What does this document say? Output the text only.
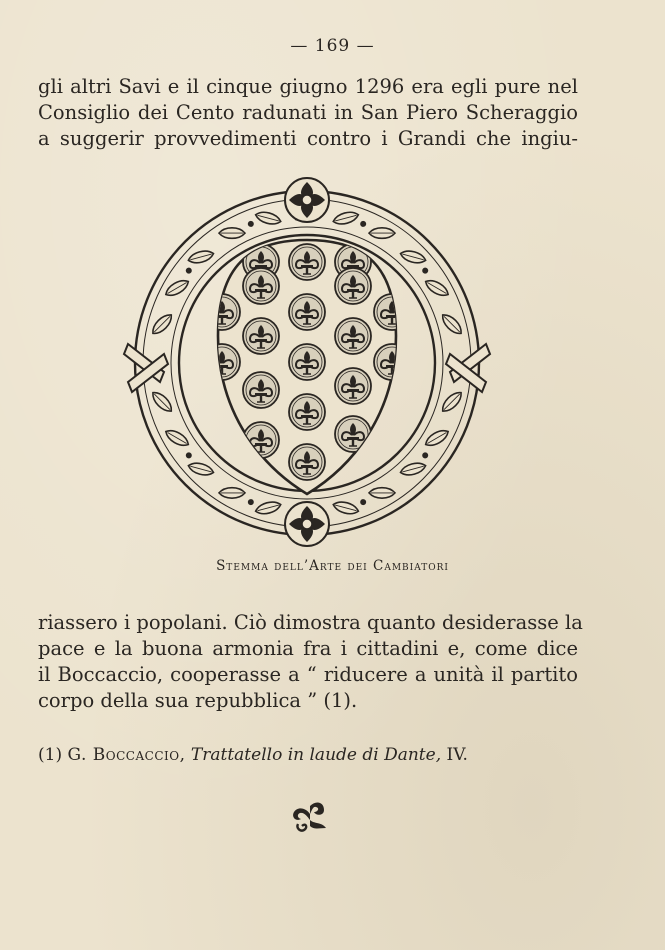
— 169 —
gli altri Savi e il cinque giugno 1296 era egli pure nel
Consiglio dei Cento radunati in San Piero Scheraggio
a suggerir provvedimenti contro i Grandi che ingiu-
Stemma dell’Arte dei Cambiatori
riassero i popolani. Ciò dimostra quanto desiderasse la
pace e la buona armonia fra i cittadini e, come dice
il Boccaccio, cooperasse a “ riducere a unità il partito
corpo della sua repubblica ” (1).
(1) G. Boccaccio, Trattatello in laude di Dante, IV.
